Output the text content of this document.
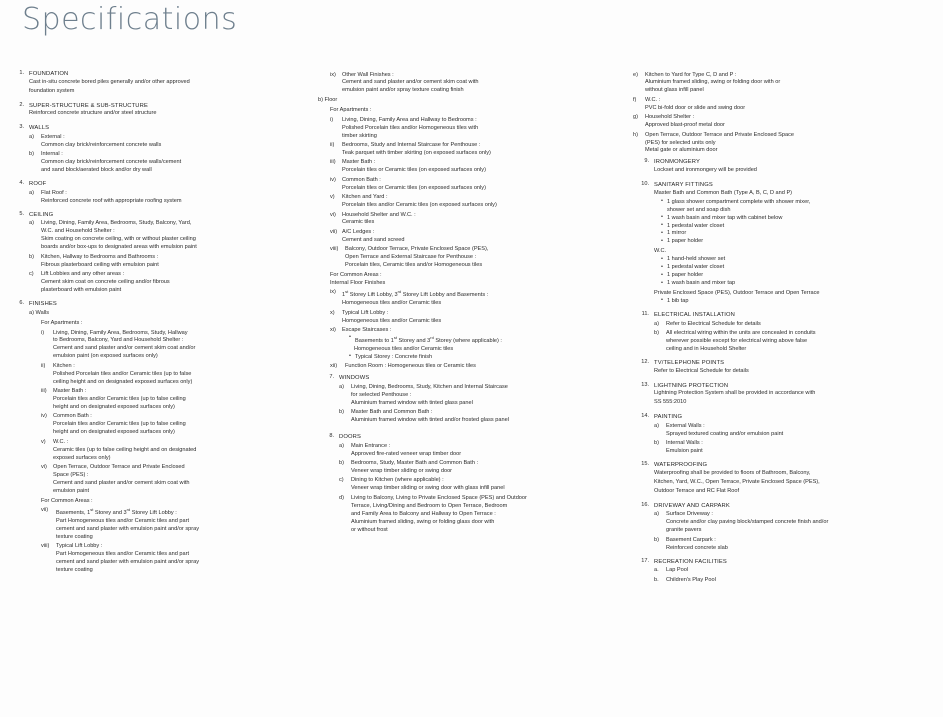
Specifications
1. FOUNDATION
Cast in-situ concrete bored piles generally and/or other approved
foundation system
2. SUPER-STRUCTURE & SUB-STRUCTURE
Reinforced concrete structure and/or steel structure
3. WALLS
a)	External :
Common clay brick/reinforcement concrete walls
b)	Internal :
Common clay brick/reinforcement concrete walls/cement
and sand block/aerated block and/or dry wall
4. ROOF
a)	Flat Roof :
Reinforced concrete roof with appropriate roofing system
5. CEILING
a)	Living, Dining, Family Area, Bedrooms, Study, Balcony, Yard,
W.C. and Household Shelter :
Skim coating on concrete ceiling, with or without plaster ceiling
boards and/or box-ups to designated areas with emulsion paint
b)	Kitchen, Hallway to Bedrooms and Bathrooms :
Fibrous plasterboard ceiling with emulsion paint
c)	Lift Lobbies and any other areas :
Cement skim coat on concrete ceiling and/or fibrous
plasterboard with emulsion paint
6. FINISHES
a) Walls
For Apartments :
i)	Living, Dining, Family Area, Bedrooms, Study, Hallway
to Bedrooms, Balcony, Yard and Household Shelter :
Cement and sand plaster and/or cement skim coat and/or
emulsion paint (on exposed surfaces only)
ii)	Kitchen :
Polished Porcelain tiles and/or Ceramic tiles (up to false
ceiling height and on designated exposed surfaces only)
iii)	Master Bath :
Porcelain tiles and/or Ceramic tiles (up to false ceiling
height and on designated exposed surfaces only)
iv)	Common Bath :
Porcelain tiles and/or Ceramic tiles (up to false ceiling
height and on designated exposed surfaces only)
v)	W.C. :
Ceramic tiles (up to false ceiling height and on designated
exposed surfaces only)
vi)	Open Terrace, Outdoor Terrace and Private Enclosed
Space (PES) :
Cement and sand plaster and/or cement skim coat with
emulsion paint
For Common Areas :
vii)	Basements, 1st Storey and 3rd Storey Lift Lobby :
Part Homogeneous tiles and/or Ceramic tiles and part
cement and sand plaster with emulsion paint and/or spray
texture coating
viii)	Typical Lift Lobby :
Part Homogeneous tiles and/or Ceramic tiles and part
cement and sand plaster with emulsion paint and/or spray
texture coating
ix)	Other Wall Finishes :
Cement and sand plaster and/or cement skim coat with
emulsion paint and/or spray texture coating finish
b) Floor
For Apartments :
i)	Living, Dining, Family Area and Hallway to Bedrooms :
Polished Porcelain tiles and/or Homogeneous tiles with
timber skirting
ii)	Bedrooms, Study and Internal Staircase for Penthouse :
Teak parquet with timber skirting (on exposed surfaces only)
iii)	Master Bath :
Porcelain tiles or Ceramic tiles (on exposed surfaces only)
iv)	Common Bath :
Porcelain tiles or Ceramic tiles (on exposed surfaces only)
v)	Kitchen and Yard :
Porcelain tiles and/or Ceramic tiles (on exposed surfaces only)
vi)	Household Shelter and W.C. :
Ceramic tiles
vii) A/C Ledges :
Cement and sand screed
viii)	Balcony, Outdoor Terrace, Private Enclosed Space (PES),
Open Terrace and External Staircase for Penthouse :
Porcelain tiles, Ceramic tiles and/or Homogeneous tiles
For Common Areas :
Internal Floor Finishes
ix)	1st Storey Lift Lobby, 3rd Storey Lift Lobby and Basements :
Homogeneous tiles and/or Ceramic tiles
x)	Typical Lift Lobby :
Homogeneous tiles and/or Ceramic tiles
xi)	Escape Staircases :
• Basements to 1st Storey and 3rd Storey (where applicable) :
Homogeneous tiles and/or Ceramic tiles
• Typical Storey : Concrete finish
xii)	Function Room : Homogeneous tiles or Ceramic tiles
7. WINDOWS
a)	Living, Dining, Bedrooms, Study, Kitchen and Internal Staircase
for selected Penthouse :
Aluminium framed window with tinted glass panel
b)	Master Bath and Common Bath :
Aluminium framed window with tinted and/or frosted glass panel
8. DOORS
a)	Main Entrance :
Approved fire-rated veneer wrap timber door
b)	Bedrooms, Study, Master Bath and Common Bath :
Veneer wrap timber sliding or swing door
c)	Dining to Kitchen (where applicable) :
Veneer wrap timber sliding or swing door with glass infill panel
d)	Living to Balcony, Living to Private Enclosed Space (PES) and Outdoor
Terrace, Living/Dining and Bedroom to Open Terrace, Bedroom
and Family Area to Balcony and Hallway to Open Terrace :
Aluminium framed sliding, swing or folding glass door with
or without frost
e)	Kitchen to Yard for Type C, D and P :
Aluminium framed sliding, swing or folding door with or
without glass infill panel
f)	W.C. :
PVC bi-fold door or slide and swing door
g)	Household Shelter :
Approved blast-proof metal door
h)	Open Terrace, Outdoor Terrace and Private Enclosed Space
(PES) for selected units only
Metal gate or aluminium door
9. IRONMONGERY
Lockset and ironmongery will be provided
10. SANITARY FITTINGS
Master Bath and Common Bath (Type A, B, C, D and P)
• 1 glass shower compartment complete with shower mixer,
shower set and soap dish
• 1 wash basin and mixer tap with cabinet below
• 1 pedestal water closet
• 1 mirror
• 1 paper holder
W.C.
• 1 hand-held shower set
• 1 pedestal water closet
• 1 paper holder
• 1 wash basin and mixer tap
Private Enclosed Space (PES), Outdoor Terrace and Open Terrace
• 1 bib tap
11. ELECTRICAL INSTALLATION
a)	Refer to Electrical Schedule for details
b)	All electrical wiring within the units are concealed in conduits
wherever possible except for electrical wiring above false
ceiling and in Household Shelter
12. TV/TELEPHONE POINTS
Refer to Electrical Schedule for details
13. LIGHTNING PROTECTION
Lightning Protection System shall be provided in accordance with
SS 555:2010
14. PAINTING
a)	External Walls :
Sprayed textured coating and/or emulsion paint
b)	Internal Walls :
Emulsion paint
15. WATERPROOFING
Waterproofing shall be provided to floors of Bathroom, Balcony,
Kitchen, Yard, W.C., Open Terrace, Private Enclosed Space (PES),
Outdoor Terrace and RC Flat Roof
16. DRIVEWAY AND CARPARK
a)	Surface Driveway :
Concrete and/or clay paving block/stamped concrete finish and/or
granite pavers
b)	Basement Carpark :
Reinforced concrete slab
17. RECREATION FACILITIES
a.	Lap Pool
b.	Children's Play Pool
